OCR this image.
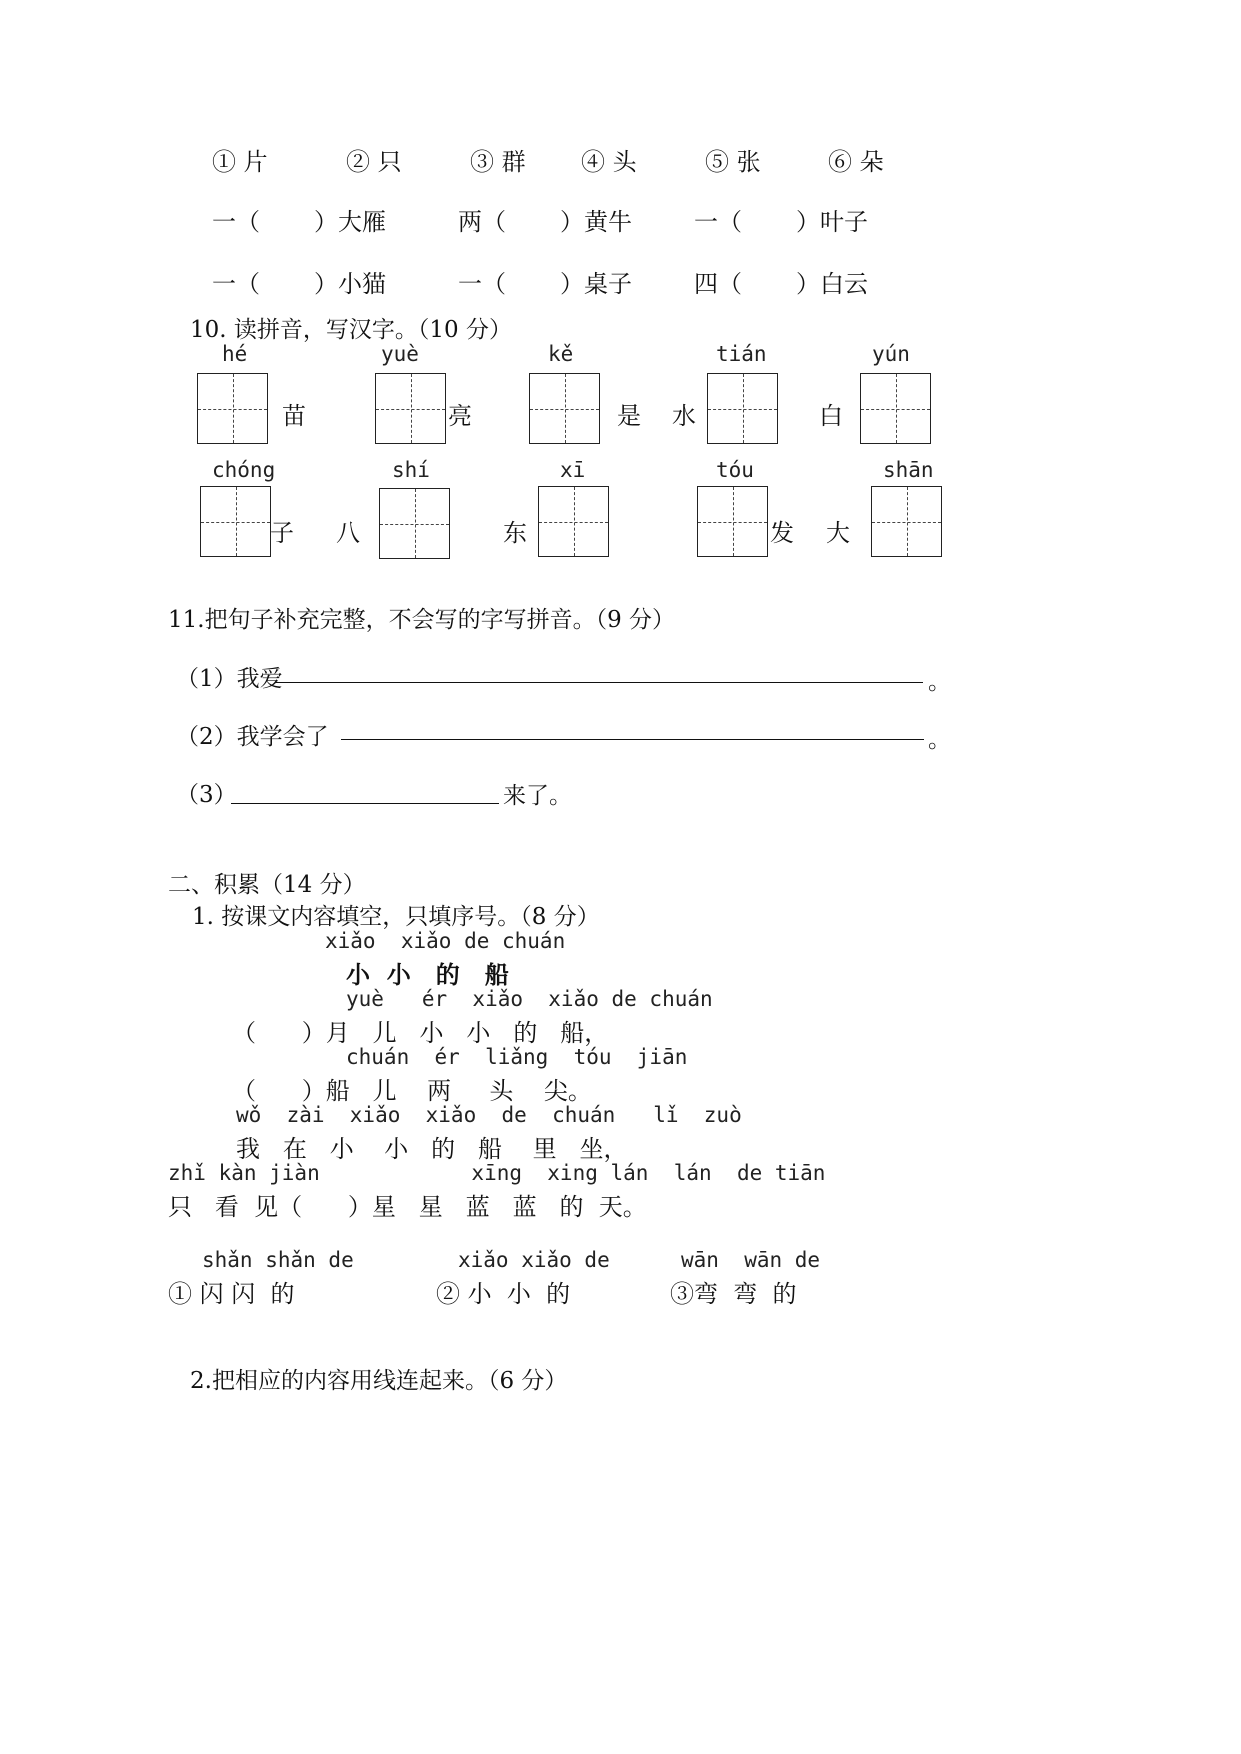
① 片	② 只	③ 群 ④ 头	⑤ 张	⑥ 朵
一（ ）大雁	两（ ）黄牛	一（ ）叶子
一（ ）小猫	一（ ）桌子	四（ ）白云
10. 读拼音，写汉字。（10 分）
hé	yuè	kě	tián	yún
苗	亮	是 水	白
chóng	shí	xī	tóu	shān
子 八	东	发 大
11.把句子补充完整，不会写的字写拼音。（9 分）
（1）我爱	。
（2）我学会了	。
（3）	来了。
二、积累（14 分）
1. 按课文内容填空，只填序号。（8 分）
xiǎo  xiǎo de chuán
小  小   的   船
yuè   ér  xiǎo  xiǎo de chuán
（      ）月   儿   小   小   的   船，
chuán  ér  liǎng  tóu  jiān
（      ）船   儿    两     头    尖。
wǒ  zài  xiǎo  xiǎo  de  chuán   lǐ  zuò
我   在   小    小   的   船    里   坐，
zhǐ kàn jiàn            xīng  xing lán  lán  de tiān
只   看  见（      ）星   星   蓝   蓝   的  天。
shǎn shǎn de
① 闪 闪  的
xiǎo xiǎo de
② 小  小  的
wān  wān de
③弯  弯  的
2.把相应的内容用线连起来。（6 分）
